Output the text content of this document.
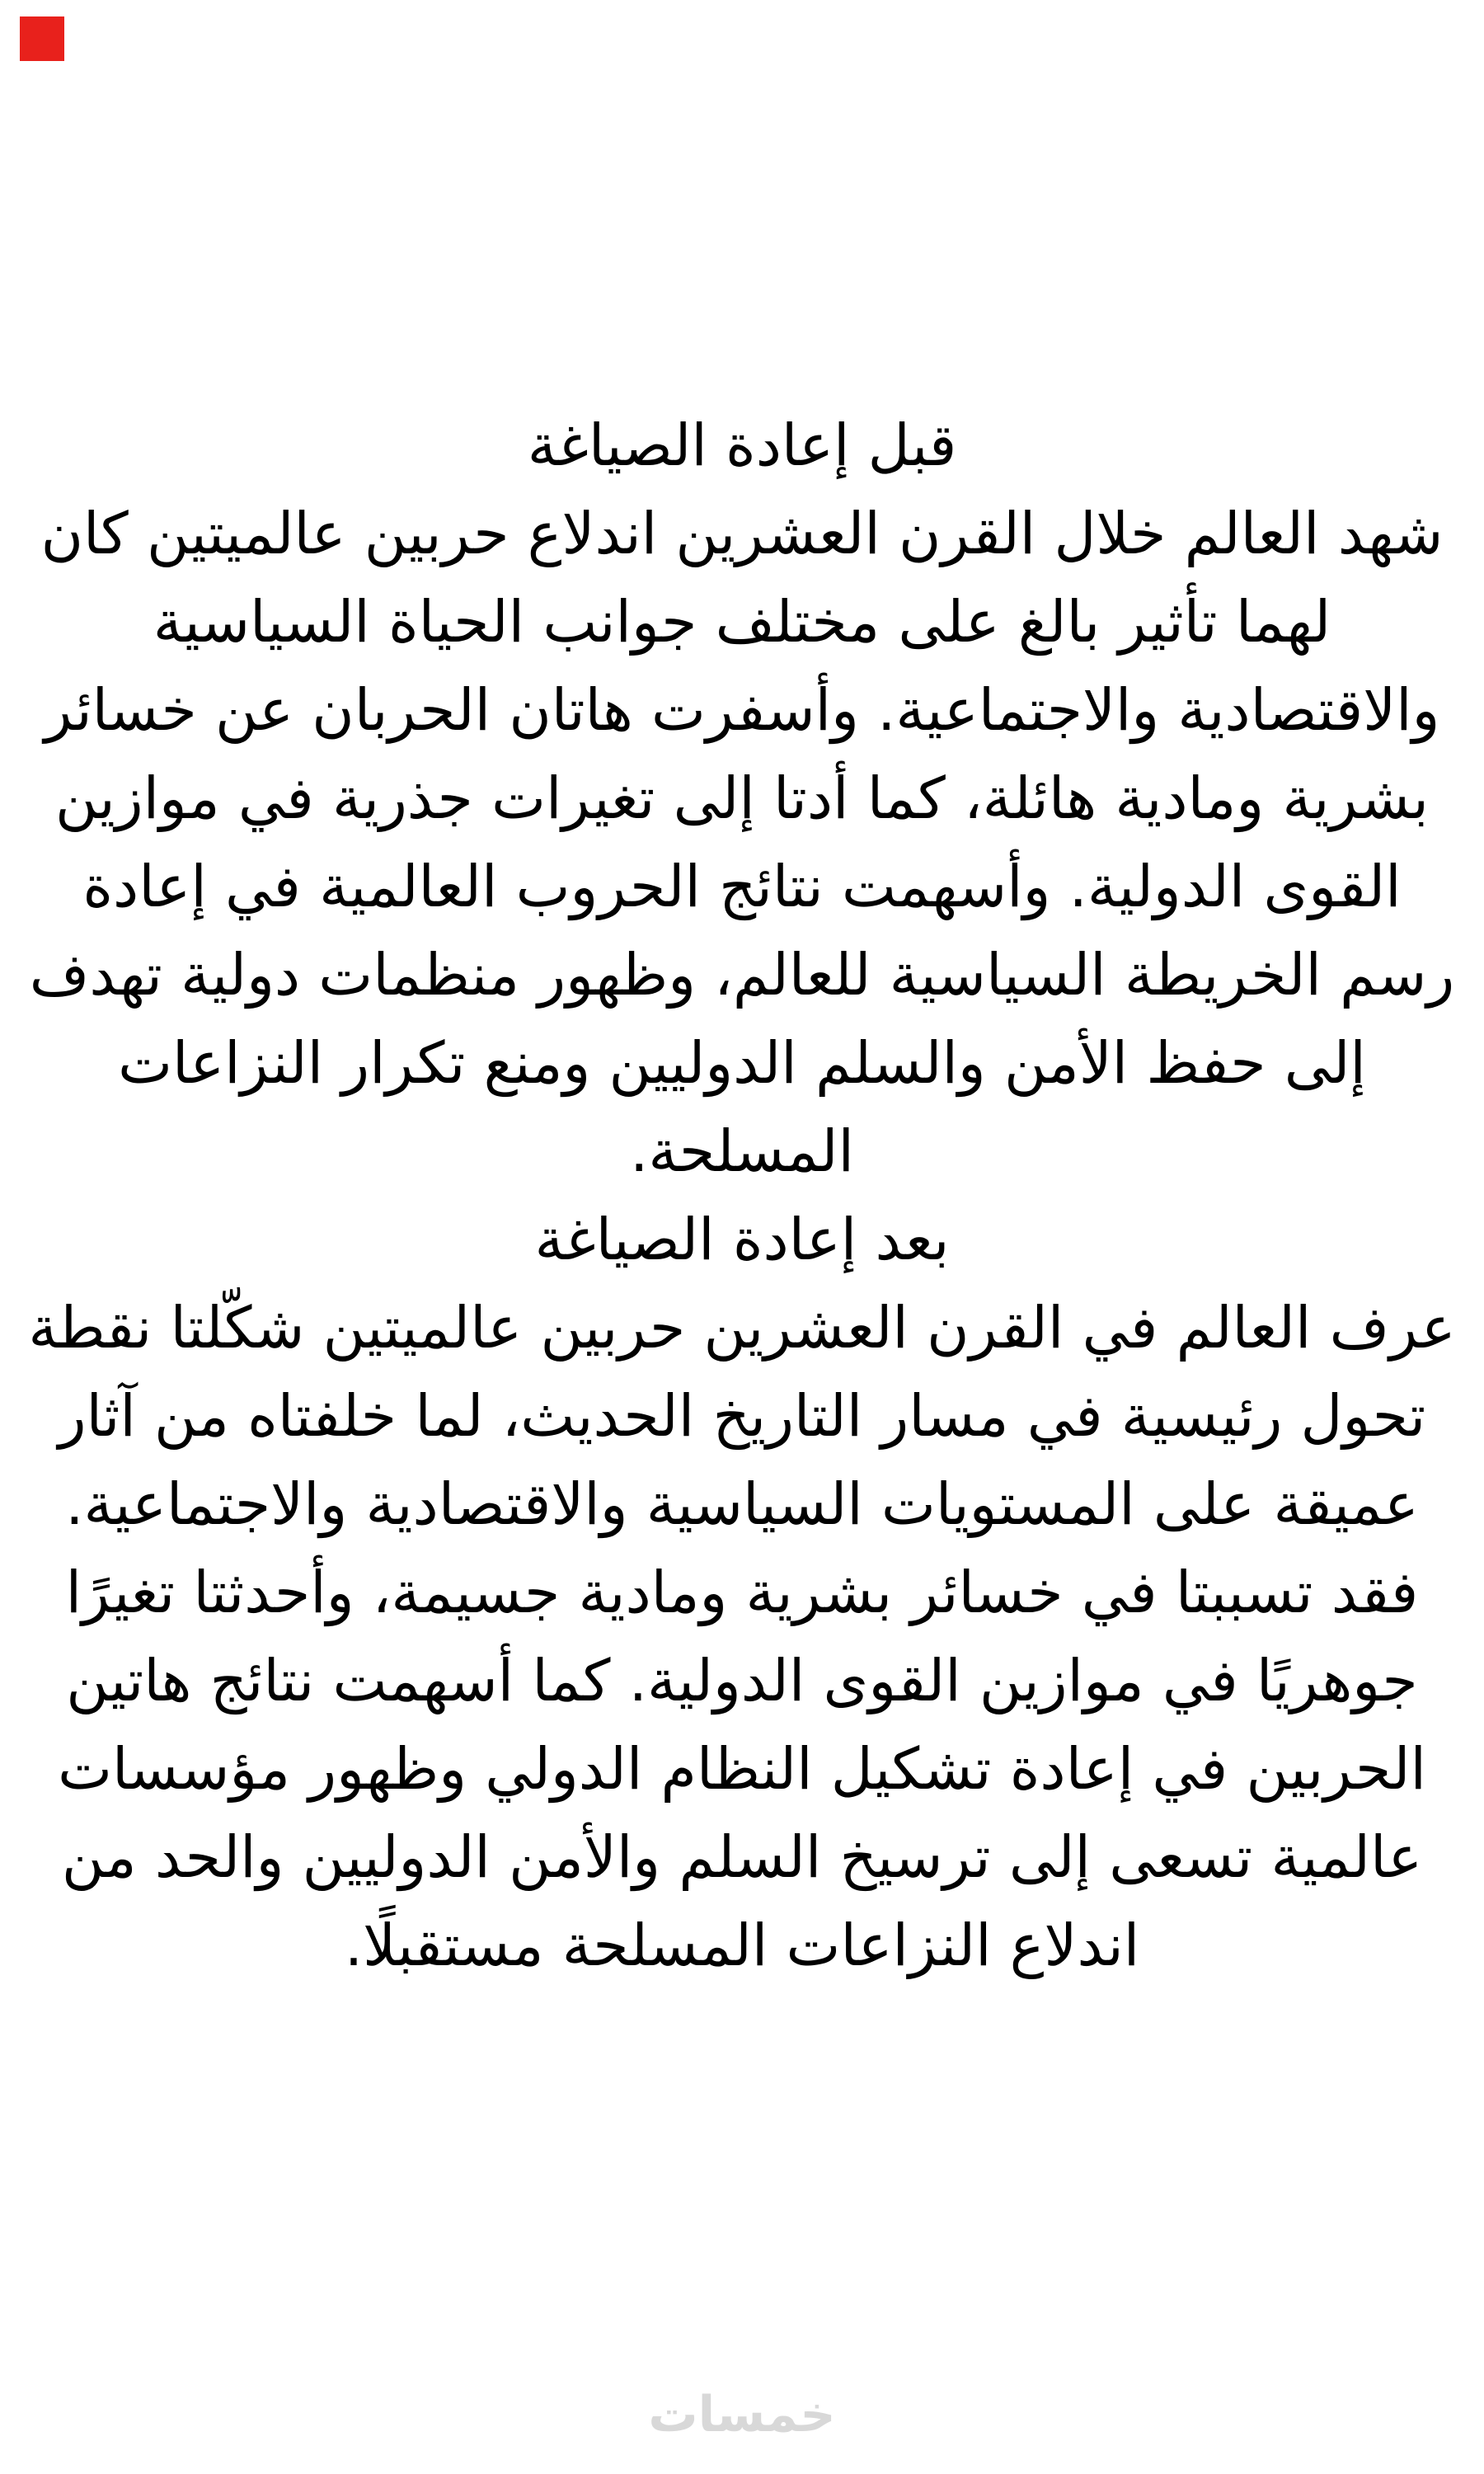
قبل إعادة الصياغة
شهد العالم خلال القرن العشرين اندلاع حربين عالميتين كان
لهما تأثير بالغ على مختلف جوانب الحياة السياسية
والاقتصادية والاجتماعية. وأسفرت هاتان الحربان عن خسائر
بشرية ومادية هائلة، كما أدتا إلى تغيرات جذرية في موازين
القوى الدولية. وأسهمت نتائج الحروب العالمية في إعادة
رسم الخريطة السياسية للعالم، وظهور منظمات دولية تهدف
إلى حفظ الأمن والسلم الدوليين ومنع تكرار النزاعات
المسلحة.
بعد إعادة الصياغة
عرف العالم في القرن العشرين حربين عالميتين شكّلتا نقطة
تحول رئيسية في مسار التاريخ الحديث، لما خلفتاه من آثار
عميقة على المستويات السياسية والاقتصادية والاجتماعية.
فقد تسببتا في خسائر بشرية ومادية جسيمة، وأحدثتا تغيرًا
جوهريًا في موازين القوى الدولية. كما أسهمت نتائج هاتين
الحربين في إعادة تشكيل النظام الدولي وظهور مؤسسات
عالمية تسعى إلى ترسيخ السلم والأمن الدوليين والحد من
اندلاع النزاعات المسلحة مستقبلًا.
خمسات
